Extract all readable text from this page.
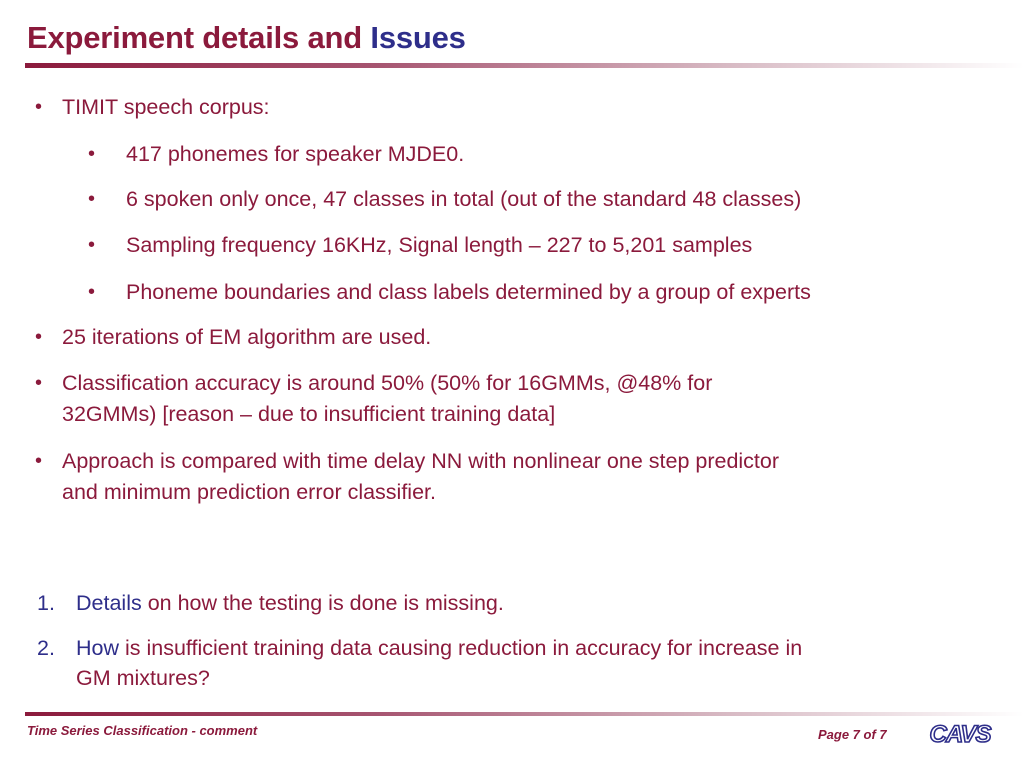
Experiment details and Issues
• TIMIT speech corpus:
• 417 phonemes for speaker MJDE0.
• 6 spoken only once, 47 classes in total (out of the standard 48 classes)
• Sampling frequency 16KHz, Signal length – 227 to 5,201 samples
• Phoneme boundaries and class labels determined by a group of experts
• 25 iterations of EM algorithm are used.
• Classification accuracy is around 50% (50% for 16GMMs, @48% for
32GMMs) [reason – due to insufficient training data]
• Approach is compared with time delay NN with nonlinear one step predictor
and minimum prediction error classifier.
1. Details on how the testing is done is missing.
2. How is insufficient training data causing reduction in accuracy for increase in
GM mixtures?
Time Series Classification - comment	Page 7 of 7 CAVS
